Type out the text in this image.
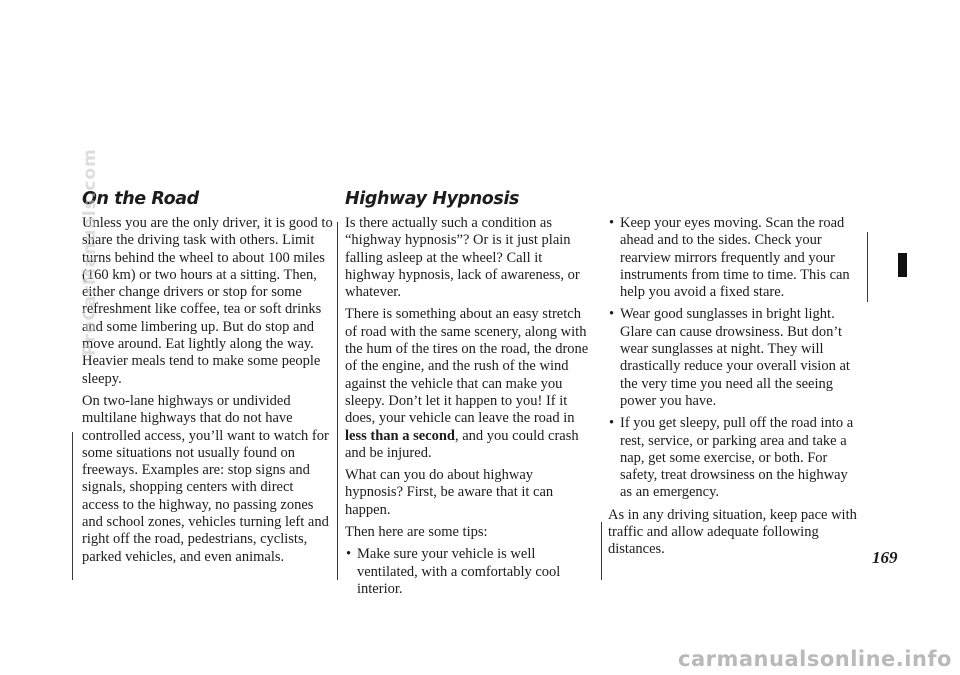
On the Road

Unless you are the only driver, it is good to share the driving task with others. Limit turns behind the wheel to about 100 miles (160 km) or two hours at a sitting. Then, either change drivers or stop for some refreshment like coffee, tea or soft drinks and some limbering up. But do stop and move around. Eat lightly along the way. Heavier meals tend to make some people sleepy.

On two-lane highways or undivided multilane highways that do not have controlled access, you’ll want to watch for some situations not usually found on freeways. Examples are: stop signs and signals, shopping centers with direct access to the highway, no passing zones and school zones, vehicles turning left and right off the road, pedestrians, cyclists, parked vehicles, and even animals.

Highway Hypnosis

Is there actually such a condition as “highway hypnosis”? Or is it just plain falling asleep at the wheel? Call it highway hypnosis, lack of awareness, or whatever.

There is something about an easy stretch of road with the same scenery, along with the hum of the tires on the road, the drone of the engine, and the rush of the wind against the vehicle that can make you sleepy. Don’t let it happen to you! If it does, your vehicle can leave the road in less than a second, and you could crash and be injured.

What can you do about highway hypnosis? First, be aware that it can happen.

Then here are some tips:

• Make sure your vehicle is well ventilated, with a comfortably cool interior.
• Keep your eyes moving. Scan the road ahead and to the sides. Check your rearview mirrors frequently and your instruments from time to time. This can help you avoid a fixed stare.
• Wear good sunglasses in bright light. Glare can cause drowsiness. But don’t wear sunglasses at night. They will drastically reduce your overall vision at the very time you need all the seeing power you have.
• If you get sleepy, pull off the road into a rest, service, or parking area and take a nap, get some exercise, or both. For safety, treat drowsiness on the highway as an emergency.

As in any driving situation, keep pace with traffic and allow adequate following distances.	169
ProCarManuals.com
carmanualsonline.info
